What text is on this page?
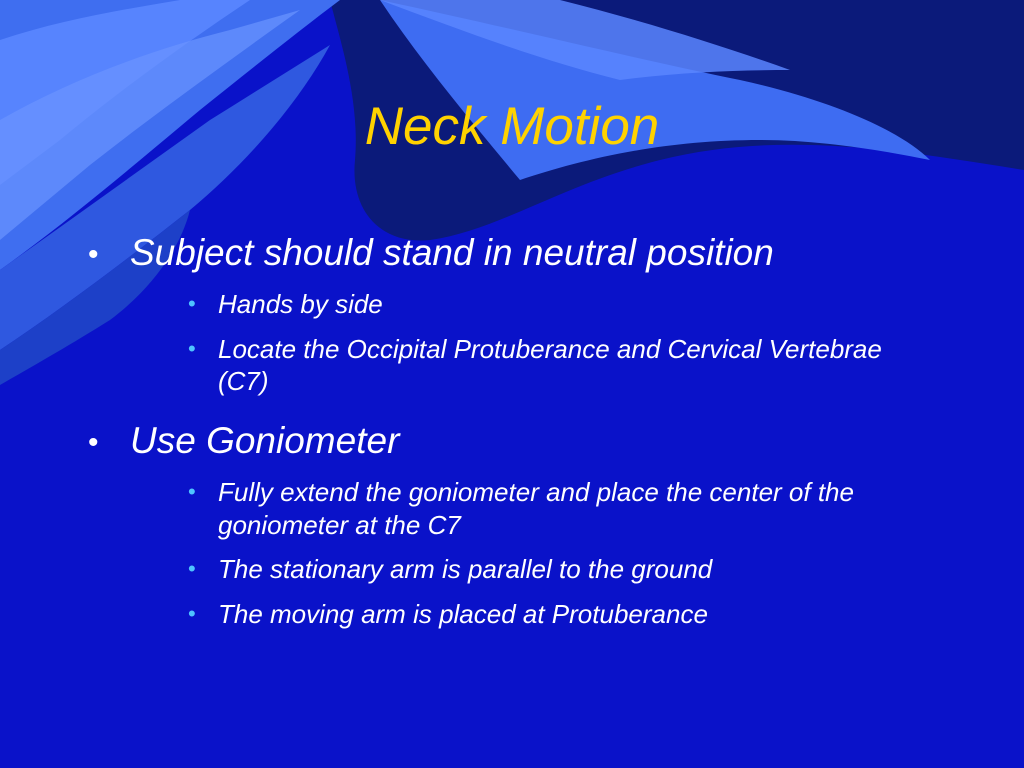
Neck Motion
• Subject should stand in neutral position
• Hands by side
• Locate the Occipital Protuberance and Cervical Vertebrae (C7)
• Use Goniometer
• Fully extend the goniometer and place the center of the goniometer at the C7
• The stationary arm is parallel to the ground
• The moving arm is placed at Protuberance
